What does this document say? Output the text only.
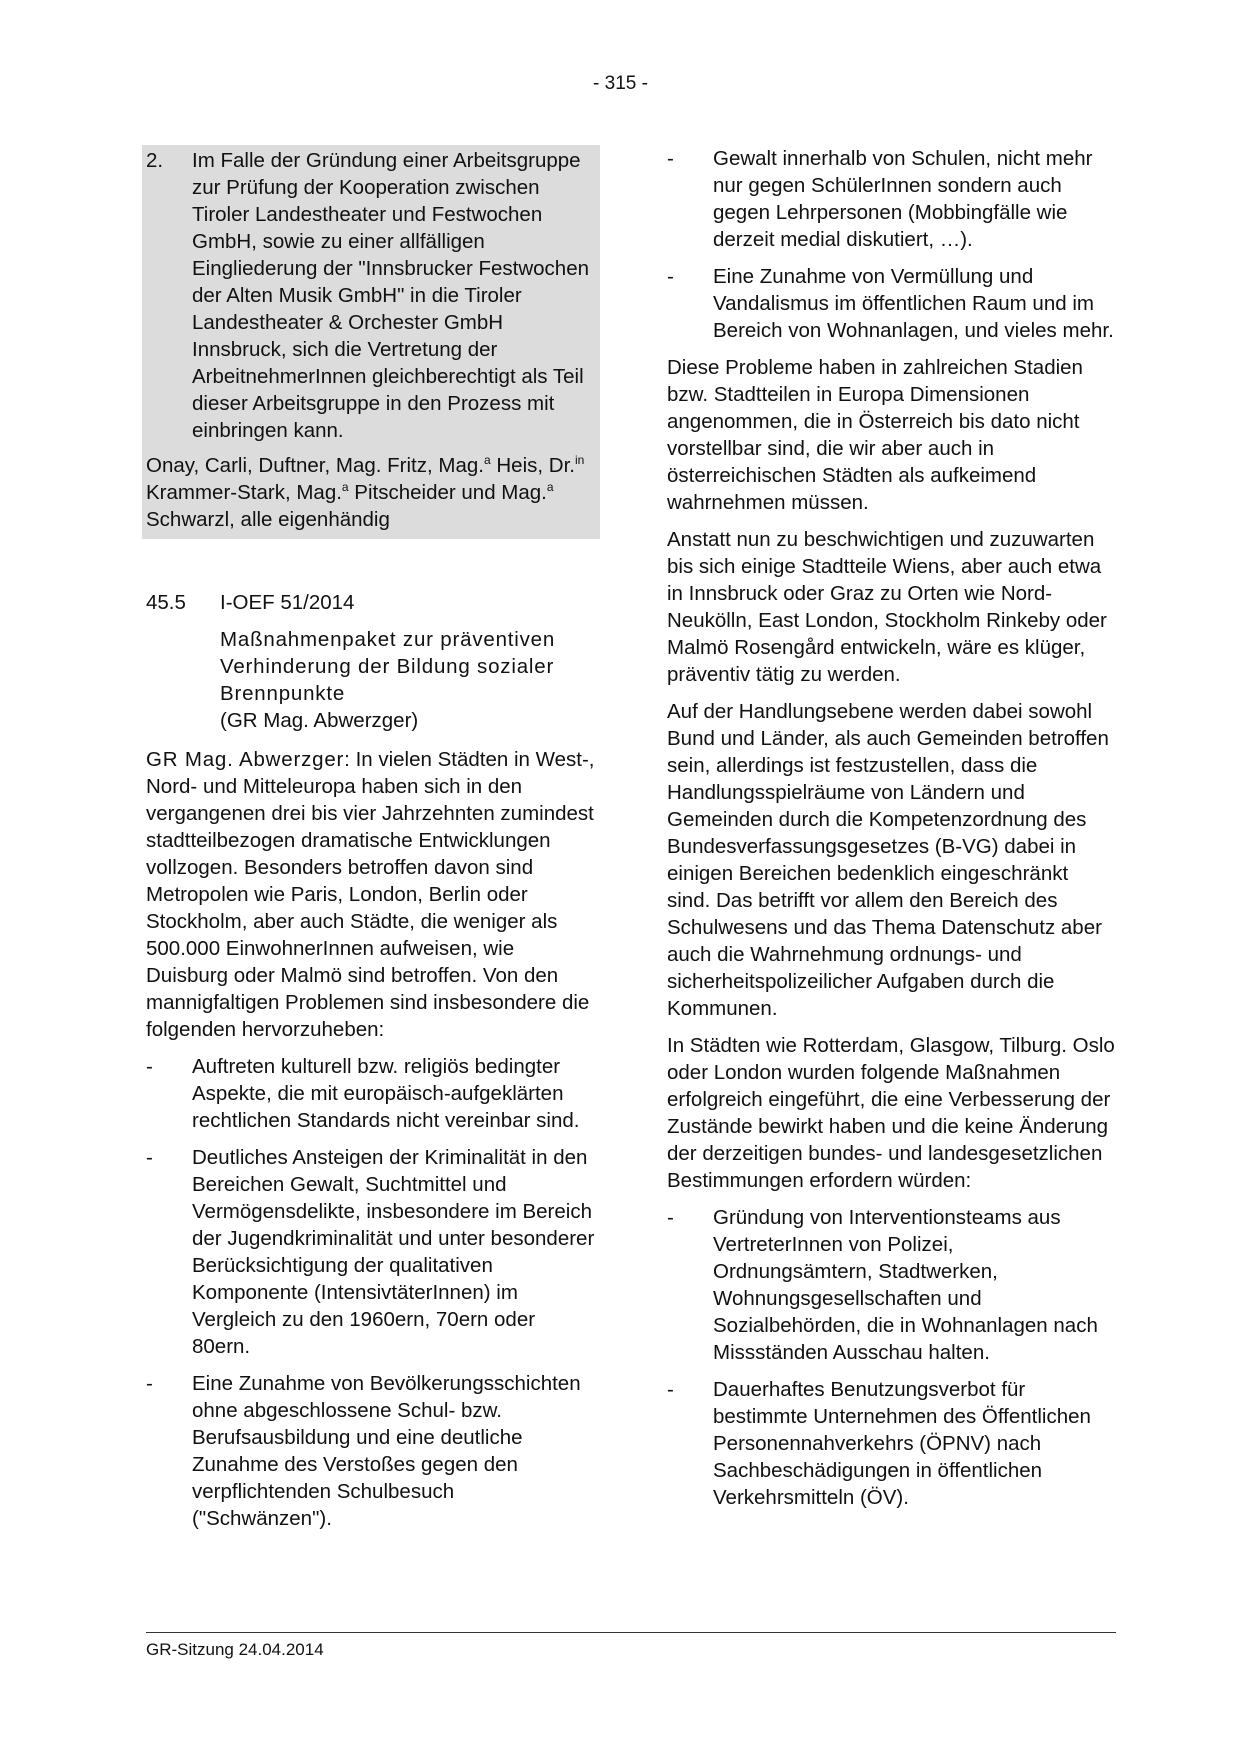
- 315 -
2.	Im Falle der Gründung einer Arbeitsgruppe zur Prüfung der Kooperation zwischen Tiroler Landestheater und Festwochen GmbH, sowie zu einer allfälligen Eingliederung der "Innsbrucker Festwochen der Alten Musik GmbH" in die Tiroler Landestheater & Orchester GmbH Innsbruck, sich die Vertretung der ArbeitnehmerInnen gleichberechtigt als Teil dieser Arbeitsgruppe in den Prozess mit einbringen kann.
Onay, Carli, Duftner, Mag. Fritz, Mag.$^a$ Heis, Dr.$^{in}$ Krammer-Stark, Mag.$^a$ Pitscheider und Mag.$^a$ Schwarzl, alle eigenhändig
45.5	I-OEF 51/2014
Maßnahmenpaket zur präventiven Verhinderung der Bildung sozialer Brennpunkte
(GR Mag. Abwerzger)

GR Mag. Abwerzger: In vielen Städten in West-, Nord- und Mitteleuropa haben sich in den vergangenen drei bis vier Jahrzehnten zumindest stadtteilbezogen dramatische Entwicklungen vollzogen. Besonders betroffen davon sind Metropolen wie Paris, London, Berlin oder Stockholm, aber auch Städte, die weniger als 500.000 EinwohnerInnen aufweisen, wie Duisburg oder Malmö sind betroffen. Von den mannigfaltigen Problemen sind insbesondere die folgenden hervorzuheben:

-	Auftreten kulturell bzw. religiös bedingter Aspekte, die mit europäisch-aufgeklärten rechtlichen Standards nicht vereinbar sind.
-	Deutliches Ansteigen der Kriminalität in den Bereichen Gewalt, Suchtmittel und Vermögensdelikte, insbesondere im Bereich der Jugendkriminalität und unter besonderer Berücksichtigung der qualitativen Komponente (IntensivtäterInnen) im Vergleich zu den 1960ern, 70ern oder 80ern.
-	Eine Zunahme von Bevölkerungsschichten ohne abgeschlossene Schul- bzw. Berufsausbildung und eine deutliche Zunahme des Verstoßes gegen den verpflichtenden Schulbesuch ("Schwänzen").
-	Gewalt innerhalb von Schulen, nicht mehr nur gegen SchülerInnen sondern auch gegen Lehrpersonen (Mobbingfälle wie derzeit medial diskutiert, …).
-	Eine Zunahme von Vermüllung und Vandalismus im öffentlichen Raum und im Bereich von Wohnanlagen, und vieles mehr.

Diese Probleme haben in zahlreichen Stadien bzw. Stadtteilen in Europa Dimensionen angenommen, die in Österreich bis dato nicht vorstellbar sind, die wir aber auch in österreichischen Städten als aufkeimend wahrnehmen müssen.

Anstatt nun zu beschwichtigen und zuzuwarten bis sich einige Stadtteile Wiens, aber auch etwa in Innsbruck oder Graz zu Orten wie Nord-Neukölln, East London, Stockholm Rinkeby oder Malmö Rosengård entwickeln, wäre es klüger, präventiv tätig zu werden.

Auf der Handlungsebene werden dabei sowohl Bund und Länder, als auch Gemeinden betroffen sein, allerdings ist festzustellen, dass die Handlungsspielräume von Ländern und Gemeinden durch die Kompetenzordnung des Bundesverfassungsgesetzes (B-VG) dabei in einigen Bereichen bedenklich eingeschränkt sind. Das betrifft vor allem den Bereich des Schulwesens und das Thema Datenschutz aber auch die Wahrnehmung ordnungs- und sicherheitspolizeilicher Aufgaben durch die Kommunen.

In Städten wie Rotterdam, Glasgow, Tilburg. Oslo oder London wurden folgende Maßnahmen erfolgreich eingeführt, die eine Verbesserung der Zustände bewirkt haben und die keine Änderung der derzeitigen bundes- und landesgesetzlichen Bestimmungen erfordern würden:

-	Gründung von Interventionsteams aus VertreterInnen von Polizei, Ordnungsämtern, Stadtwerken, Wohnungsgesellschaften und Sozialbehörden, die in Wohnanlagen nach Missständen Ausschau halten.
-	Dauerhaftes Benutzungsverbot für bestimmte Unternehmen des Öffentlichen Personennahverkehrs (ÖPNV) nach Sachbeschädigungen in öffentlichen Verkehrsmitteln (ÖV).
GR-Sitzung 24.04.2014
